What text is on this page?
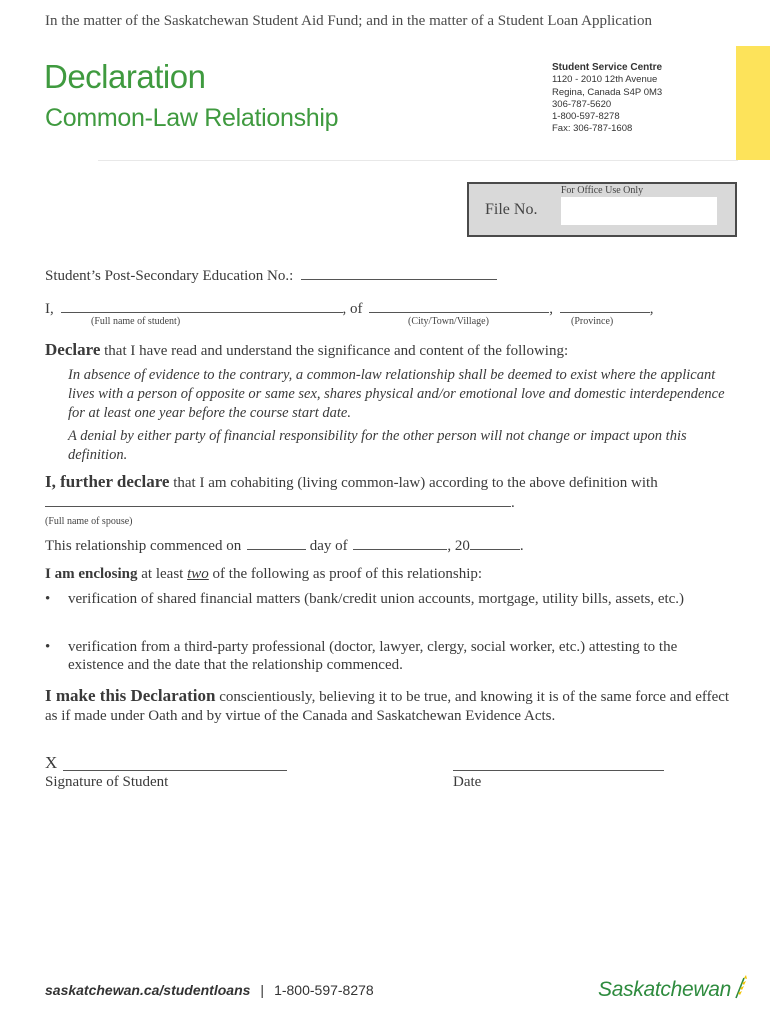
In the matter of the Saskatchewan Student Aid Fund; and in the matter of a Student Loan Application
Declaration
Common-Law Relationship
Student Service Centre
1120 - 2010 12th Avenue
Regina, Canada S4P 0M3
306-787-5620
1-800-597-8278
Fax: 306-787-1608
For Office Use Only
File No.
Student’s Post-Secondary Education No.:
I,	, of	,	,
(Full name of student)	(City/Town/Village)	(Province)
Declare that I have read and understand the significance and content of the following:
In absence of evidence to the contrary, a common-law relationship shall be deemed to exist where the applicant lives with a person of opposite or same sex, shares physical and/or emotional love and domestic interdependence for at least one year before the course start date.
A denial by either party of financial responsibility for the other person will not change or impact upon this definition.
I, further declare that I am cohabiting (living common-law) according to the above definition with
.
(Full name of spouse)
This relationship commenced on	day of	, 20	.
I am enclosing at least two of the following as proof of this relationship:
• verification of shared financial matters (bank/credit union accounts, mortgage, utility bills, assets, etc.)
• verification from a third-party professional (doctor, lawyer, clergy, social worker, etc.) attesting to the existence and the date that the relationship commenced.
I make this Declaration conscientiously, believing it to be true, and knowing it is of the same force and effect as if made under Oath and by virtue of the Canada and Saskatchewan Evidence Acts.
X
Signature of Student	Date
saskatchewan.ca/studentloans | 1-800-597-8278	Saskatchewan
